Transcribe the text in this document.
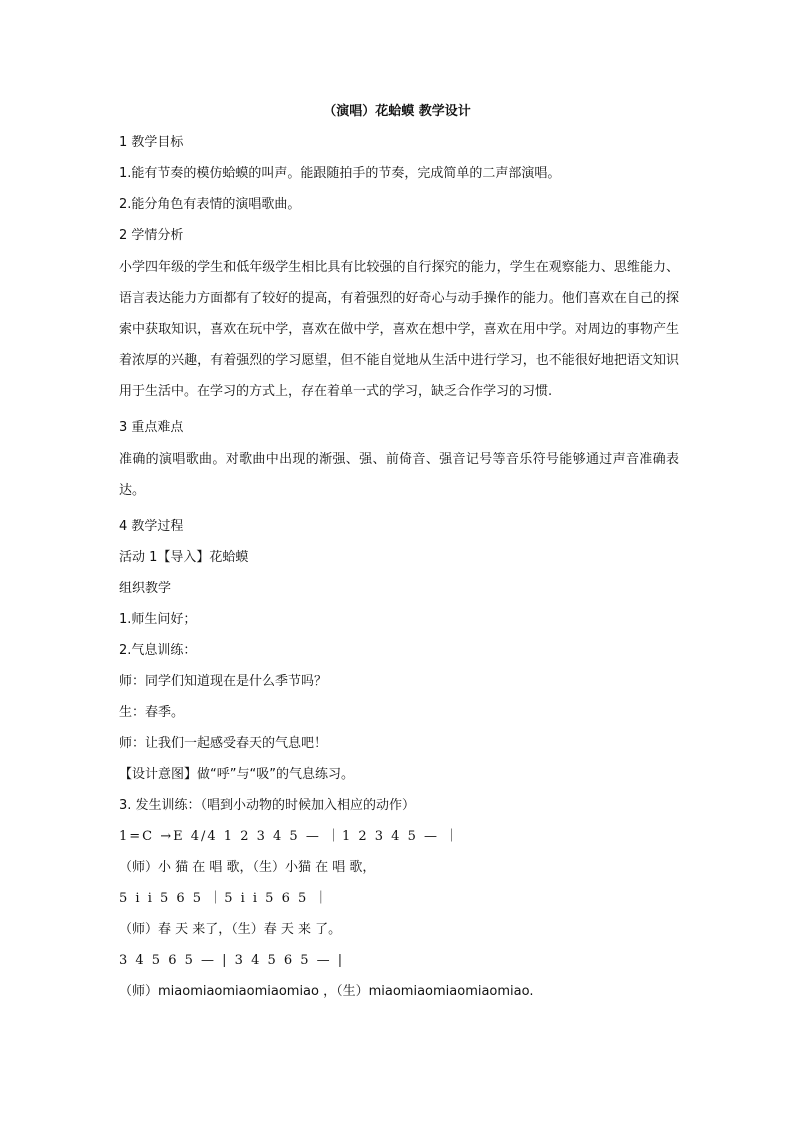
（演唱）花蛤蟆 教学设计
1 教学目标
1.能有节奏的模仿蛤蟆的叫声。能跟随拍手的节奏，完成简单的二声部演唱。
2.能分角色有表情的演唱歌曲。
2 学情分析
小学四年级的学生和低年级学生相比具有比较强的自行探究的能力，学生在观察能力、思维能力、语言表达能力方面都有了较好的提高，有着强烈的好奇心与动手操作的能力。他们喜欢在自己的探索中获取知识，喜欢在玩中学，喜欢在做中学，喜欢在想中学，喜欢在用中学。对周边的事物产生着浓厚的兴趣，有着强烈的学习愿望，但不能自觉地从生活中进行学习，也不能很好地把语文知识用于生活中。在学习的方式上，存在着单一式的学习，缺乏合作学习的习惯.
3 重点难点
准确的演唱歌曲。对歌曲中出现的渐强、强、前倚音、强音记号等音乐符号能够通过声音准确表达。
4 教学过程
活动 1【导入】花蛤蟆
组织教学
1.师生问好；
2.气息训练：
师：同学们知道现在是什么季节吗？
生：春季。
师：让我们一起感受春天的气息吧！
【设计意图】做“呼”与“吸”的气息练习。
3. 发生训练：（唱到小动物的时候加入相应的动作）
1=C →E 4/4 1 2 3 4 5 — ｜1 2 3 4 5 — ｜
（师）小 猫 在 唱 歌，（生）小猫 在 唱 歌，
5 i i 5 6 5 ｜5 i i 5 6 5 ｜
（师）春 天 来了，（生）春 天 来 了。
3 4 5 6 5 — | 3 4 5 6 5 — |
（师）miaomiaomiaomiaomiao ，（生）miaomiaomiaomiaomiao.
